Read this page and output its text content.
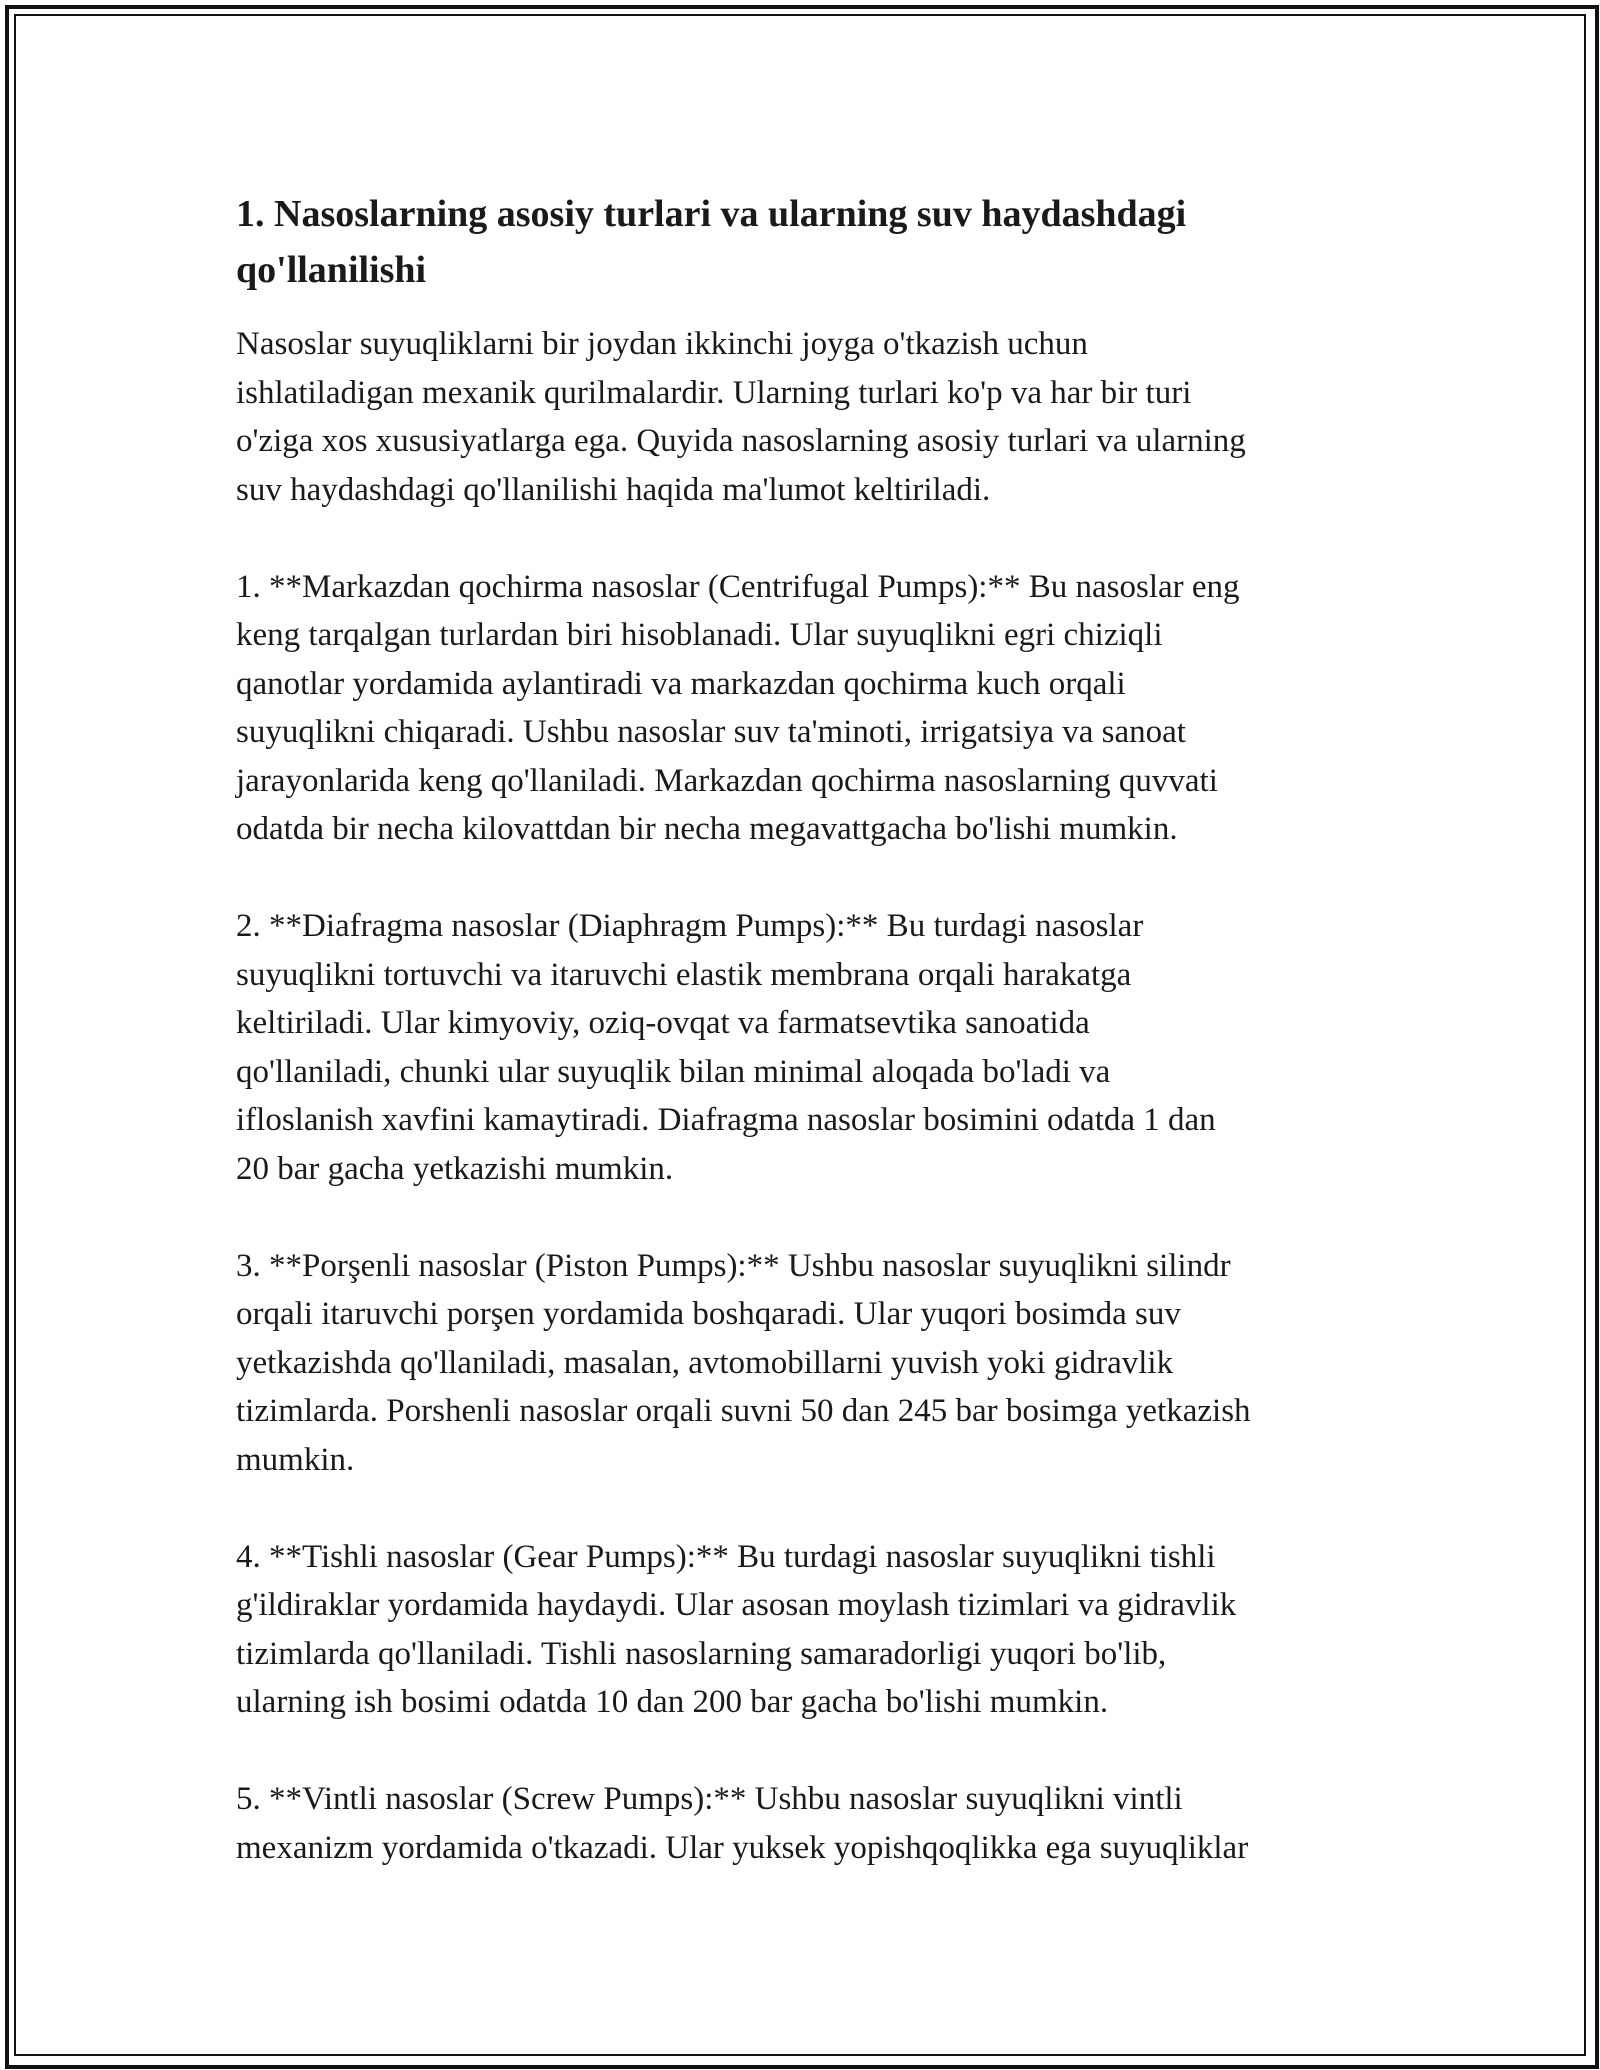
1. Nasoslarning asosiy turlari va ularning suv haydashdagi
qo'llanilishi

Nasoslar suyuqliklarni bir joydan ikkinchi joyga o'tkazish uchun
ishlatiladigan mexanik qurilmalardir. Ularning turlari ko'p va har bir turi
o'ziga xos xususiyatlarga ega. Quyida nasoslarning asosiy turlari va ularning
suv haydashdagi qo'llanilishi haqida ma'lumot keltiriladi.

1. **Markazdan qochirma nasoslar (Centrifugal Pumps):** Bu nasoslar eng
keng tarqalgan turlardan biri hisoblanadi. Ular suyuqlikni egri chiziqli
qanotlar yordamida aylantiradi va markazdan qochirma kuch orqali
suyuqlikni chiqaradi. Ushbu nasoslar suv ta'minoti, irrigatsiya va sanoat
jarayonlarida keng qo'llaniladi. Markazdan qochirma nasoslarning quvvati
odatda bir necha kilovattdan bir necha megavattgacha bo'lishi mumkin.

2. **Diafragma nasoslar (Diaphragm Pumps):** Bu turdagi nasoslar
suyuqlikni tortuvchi va itaruvchi elastik membrana orqali harakatga
keltiriladi. Ular kimyoviy, oziq-ovqat va farmatsevtika sanoatida
qo'llaniladi, chunki ular suyuqlik bilan minimal aloqada bo'ladi va
ifloslanish xavfini kamaytiradi. Diafragma nasoslar bosimini odatda 1 dan
20 bar gacha yetkazishi mumkin.

3. **Porşenli nasoslar (Piston Pumps):** Ushbu nasoslar suyuqlikni silindr
orqali itaruvchi porşen yordamida boshqaradi. Ular yuqori bosimda suv
yetkazishda qo'llaniladi, masalan, avtomobillarni yuvish yoki gidravlik
tizimlarda. Porshenli nasoslar orqali suvni 50 dan 245 bar bosimga yetkazish
mumkin.

4. **Tishli nasoslar (Gear Pumps):** Bu turdagi nasoslar suyuqlikni tishli
g'ildiraklar yordamida haydaydi. Ular asosan moylash tizimlari va gidravlik
tizimlarda qo'llaniladi. Tishli nasoslarning samaradorligi yuqori bo'lib,
ularning ish bosimi odatda 10 dan 200 bar gacha bo'lishi mumkin.

5. **Vintli nasoslar (Screw Pumps):** Ushbu nasoslar suyuqlikni vintli
mexanizm yordamida o'tkazadi. Ular yuksek yopishqoqlikka ega suyuqliklar
